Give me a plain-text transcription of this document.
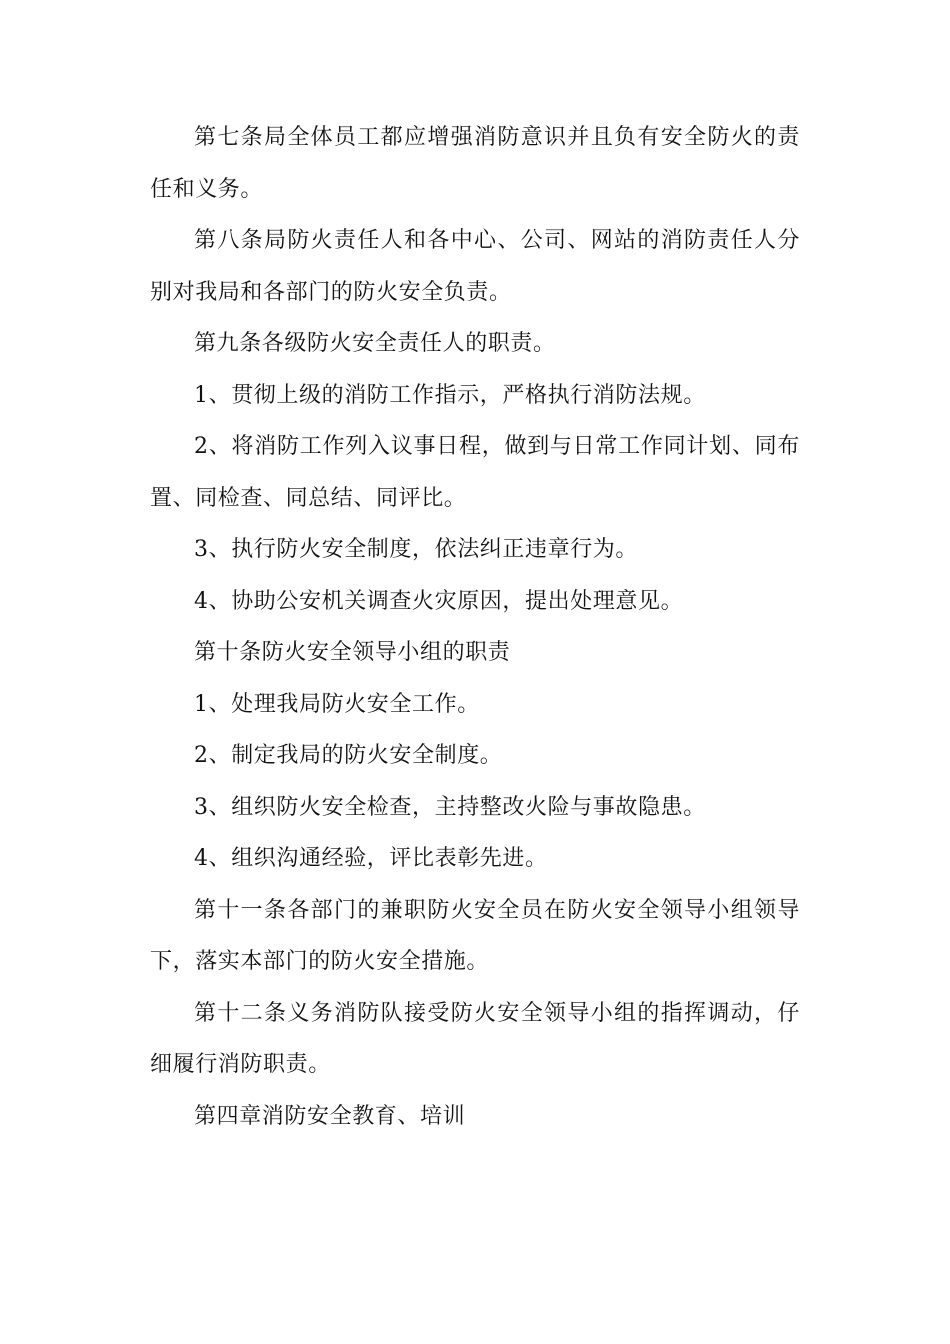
第七条局全体员工都应增强消防意识并且负有安全防火的责任和义务。

第八条局防火责任人和各中心、公司、网站的消防责任人分别对我局和各部门的防火安全负责。

第九条各级防火安全责任人的职责。

1、贯彻上级的消防工作指示，严格执行消防法规。

2、将消防工作列入议事日程，做到与日常工作同计划、同布置、同检查、同总结、同评比。

3、执行防火安全制度，依法纠正违章行为。

4、协助公安机关调查火灾原因，提出处理意见。

第十条防火安全领导小组的职责

1、处理我局防火安全工作。

2、制定我局的防火安全制度。

3、组织防火安全检查，主持整改火险与事故隐患。

4、组织沟通经验，评比表彰先进。

第十一条各部门的兼职防火安全员在防火安全领导小组领导下，落实本部门的防火安全措施。

第十二条义务消防队接受防火安全领导小组的指挥调动，仔细履行消防职责。

第四章消防安全教育、培训
